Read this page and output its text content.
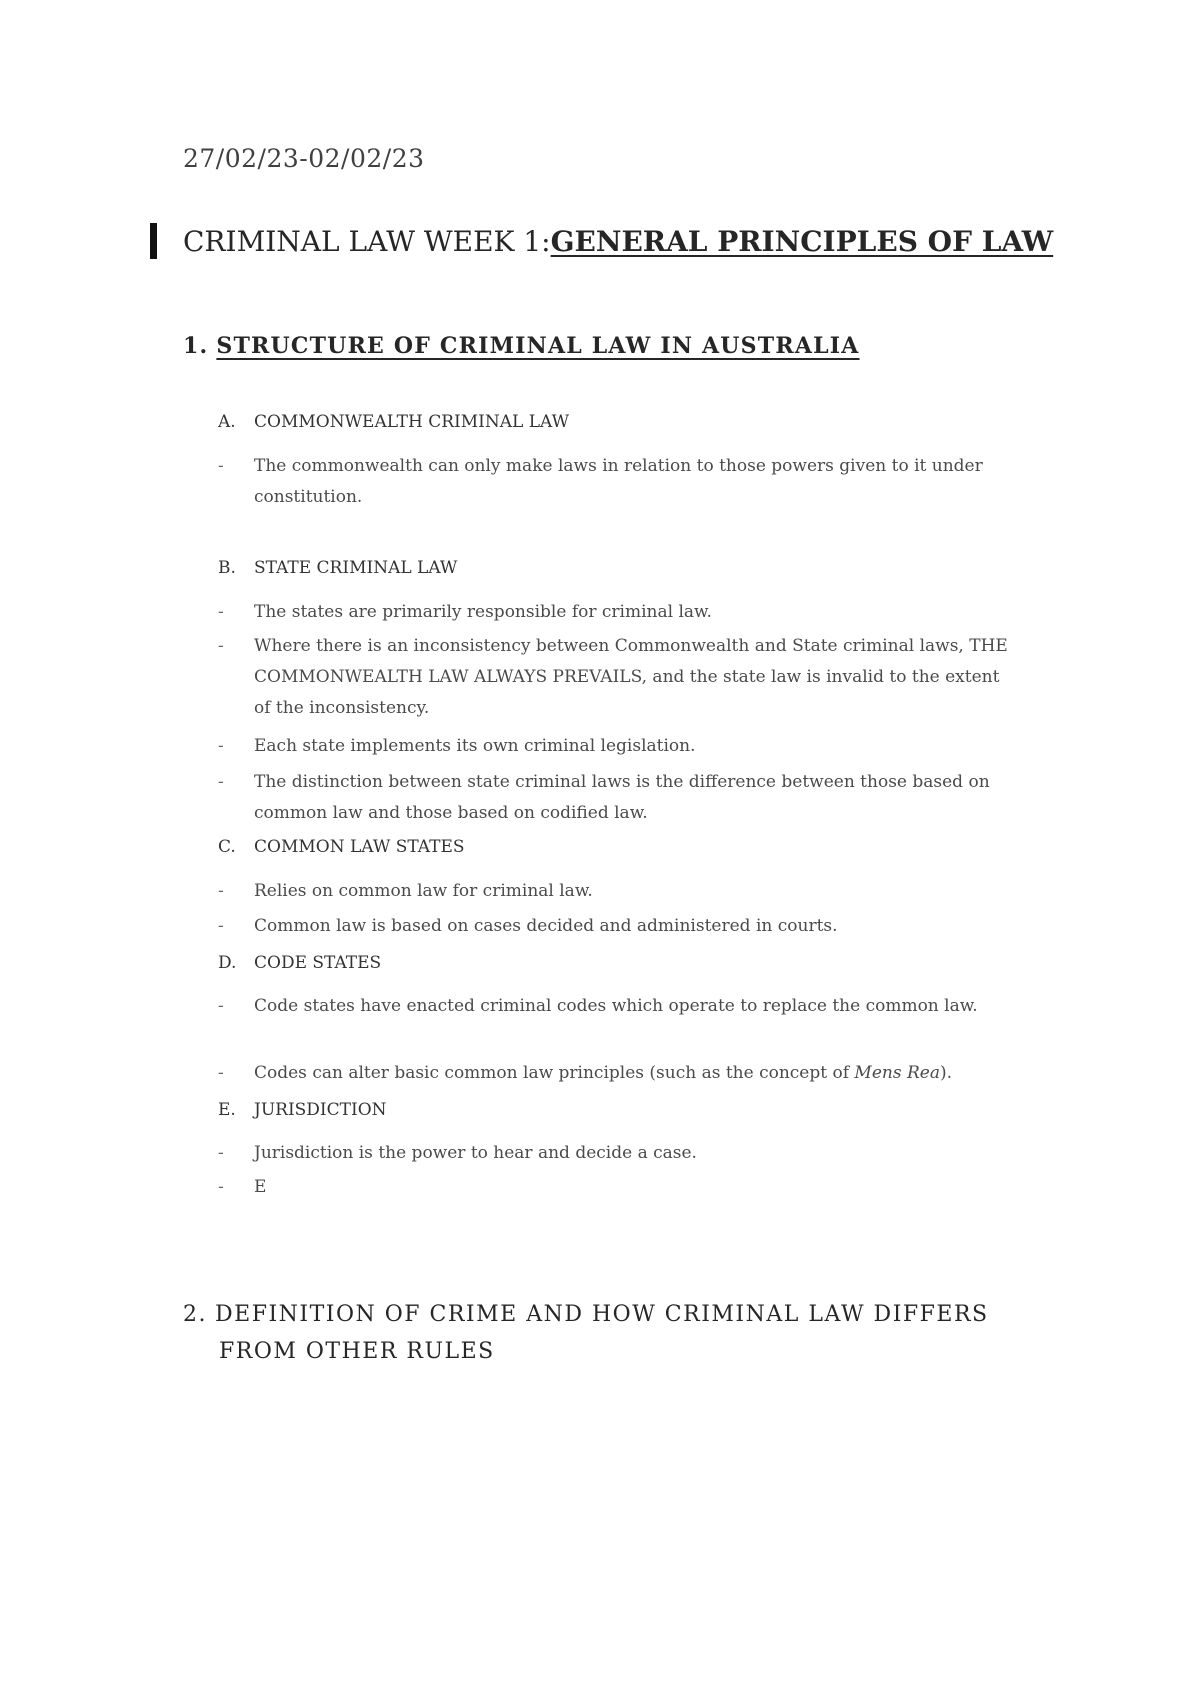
27/02/23-02/02/23
CRIMINAL LAW WEEK 1: GENERAL PRINCIPLES OF LAW
1. STRUCTURE OF CRIMINAL LAW IN AUSTRALIA
A.	COMMONWEALTH CRIMINAL LAW
-	The commonwealth can only make laws in relation to those powers given to it under constitution.
B.	STATE CRIMINAL LAW
-	The states are primarily responsible for criminal law.
-	Where there is an inconsistency between Commonwealth and State criminal laws, THE COMMONWEALTH LAW ALWAYS PREVAILS, and the state law is invalid to the extent of the inconsistency.
-	Each state implements its own criminal legislation.
-	The distinction between state criminal laws is the difference between those based on common law and those based on codified law.
C.	COMMON LAW STATES
-	Relies on common law for criminal law.
-	Common law is based on cases decided and administered in courts.
D.	CODE STATES
-	Code states have enacted criminal codes which operate to replace the common law.
-	Codes can alter basic common law principles (such as the concept of Mens Rea).
E.	JURISDICTION
-	Jurisdiction is the power to hear and decide a case.
-	E
2. DEFINITION OF CRIME AND HOW CRIMINAL LAW DIFFERS
FROM OTHER RULES
